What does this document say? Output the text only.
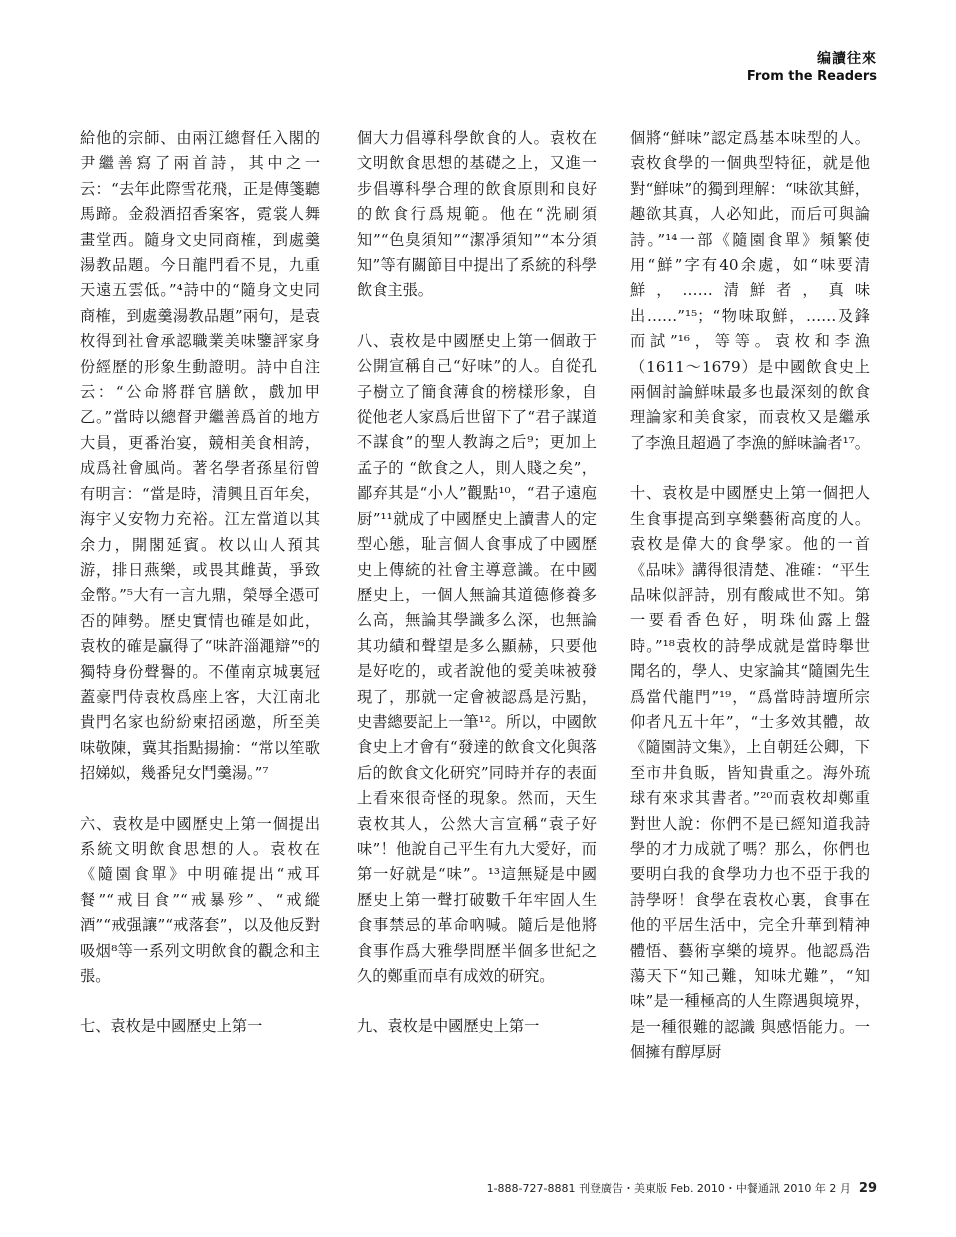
编讀往來
From the Readers

給他的宗師、由兩江總督任入閣的尹繼善寫了兩首詩，其中之一云：“去年此際雪花飛，正是傳箋聽馬蹄。金殺酒招香案客，霓裳人舞畫堂西。隨身文史同商榷，到處羹湯教品題。今日龍門看不見，九重天遠五雲低。”⁴詩中的“隨身文史同商榷，到處羹湯教品題”兩句，是袁枚得到社會承認職業美味鑒評家身份經歷的形象生動證明。詩中自注云：“公命將群官膳飲，戲加甲乙。”當時以總督尹繼善爲首的地方大員，更番治宴，競相美食相誇，成爲社會風尚。著名學者孫星衍曾有明言：“當是時，清興且百年矣，海宇乂安物力充裕。江左當道以其余力，開閣延賓。枚以山人預其游，排日燕樂，或畏其雌黃，爭致金幣。”⁵大有一言九鼎，榮辱全憑可否的陣勢。歷史實情也確是如此，袁枚的確是贏得了“味許淄澠辯”⁶的獨特身份聲譽的。不僅南京城裏冠蓋豪門侍袁枚爲座上客，大江南北貴門名家也紛紛柬招函邀，所至美味敬陳，冀其指點揚揄：“常以笙歌招娣姒，幾番兒女鬥羹湯。”⁷

六、袁枚是中國歷史上第一個提出系統文明飲食思想的人。袁枚在《隨園食單》中明確提出“戒耳餐”“戒目食”“戒暴殄”、“戒縱酒”“戒强讓”“戒落套”，以及他反對吸烟⁸等一系列文明飲食的觀念和主張。

七、袁枚是中國歷史上第一

個大力倡導科學飲食的人。袁枚在文明飲食思想的基礎之上，又進一步倡導科學合理的飲食原則和良好的飲食行爲規範。他在“洗刷須知”“色臭須知”“潔凈須知”“本分須知”等有關節目中提出了系統的科學飲食主張。

八、袁枚是中國歷史上第一個敢于公開宣稱自己“好味”的人。自從孔子樹立了簡食薄食的榜樣形象，自從他老人家爲后世留下了“君子謀道不謀食”的聖人教誨之后⁹；更加上孟子的 “飲食之人，則人賤之矣”，鄙弃其是“小人”觀點¹⁰，“君子遠庖厨”¹¹就成了中國歷史上讀書人的定型心態，耻言個人食事成了中國歷史上傳統的社會主導意識。在中國歷史上，一個人無論其道德修養多么高，無論其學識多么深，也無論其功績和聲望是多么顯赫，只要他是好吃的，或者說他的愛美味被發現了，那就一定會被認爲是污點，史書總要記上一筆¹²。所以，中國飲食史上才會有“發達的飲食文化與落后的飲食文化研究”同時并存的表面上看來很奇怪的現象。然而，天生袁枚其人，公然大言宣稱“袁子好味”！他說自己平生有九大愛好，而第一好就是“味”。¹³這無疑是中國歷史上第一聲打破數千年牢固人生食事禁忌的革命吶喊。隨后是他將食事作爲大雅學問歷半個多世紀之久的鄭重而卓有成效的研究。

九、袁枚是中國歷史上第一

個將“鮮味”認定爲基本味型的人。袁枚食學的一個典型特征，就是他對“鮮味”的獨到理解：“味欲其鮮，趣欲其真，人必知此，而后可與論詩。”¹⁴一部《隨園食單》頻繁使用“鮮”字有40余處，如“味要清鮮，……清鮮者，真味出……”¹⁵；“物味取鮮，……及鋒而試”¹⁶，等等。袁枚和李漁（1611～1679）是中國飲食史上兩個討論鮮味最多也最深刻的飲食理論家和美食家，而袁枚又是繼承了李漁且超過了李漁的鮮味論者¹⁷。

十、袁枚是中國歷史上第一個把人生食事提高到享樂藝術高度的人。袁枚是偉大的食學家。他的一首《品味》講得很清楚、准確：“平生品味似評詩，別有酸咸世不知。第一要看香色好，明珠仙露上盤時。”¹⁸袁枚的詩學成就是當時舉世聞名的，學人、史家論其“隨園先生爲當代龍門”¹⁹，“爲當時詩壇所宗仰者凡五十年”，“士多效其體，故《隨園詩文集》，上自朝廷公卿，下至市井負販，皆知貴重之。海外琉球有來求其書者。”²⁰而袁枚却鄭重對世人說：你們不是已經知道我詩學的才力成就了嗎？那么，你們也要明白我的食學功力也不亞于我的詩學呀！食學在袁枚心裏，食事在他的平居生活中，完全升華到精神體悟、藝術享樂的境界。他認爲浩蕩天下“知己難，知味尤難”，“知味”是一種極高的人生際遇與境界，是一種很難的認識 與感悟能力。一個擁有醇厚厨

1-888-727-8881 刊登廣告・美東版 Feb. 2010・中餐通訊 2010 年 2 月 29
